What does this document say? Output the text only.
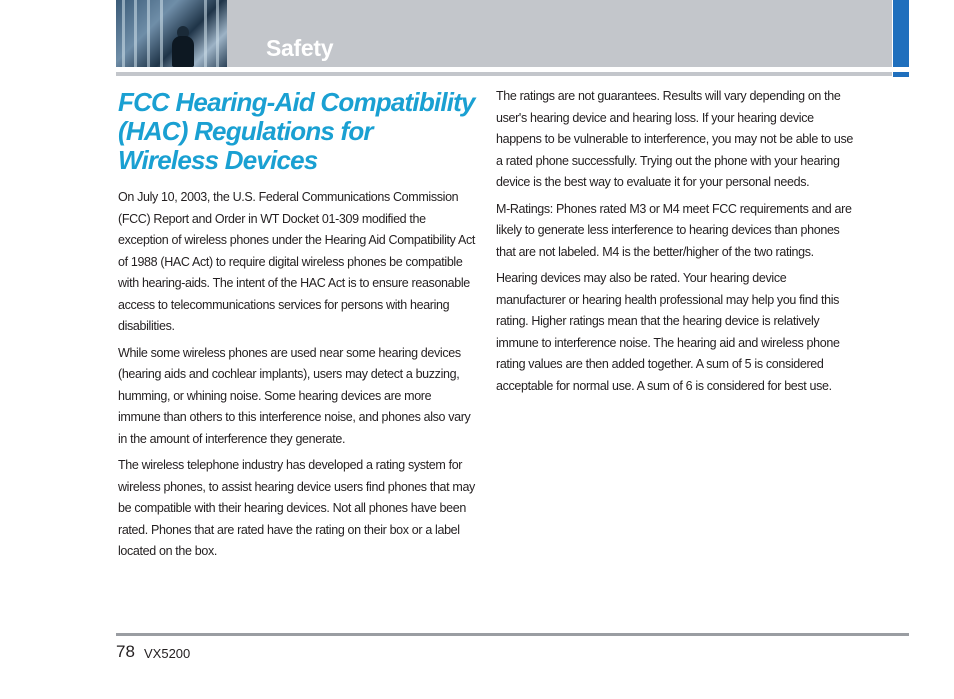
Safety
FCC Hearing-Aid Compatibility (HAC) Regulations for Wireless Devices

On July 10, 2003, the U.S. Federal Communications Commission (FCC) Report and Order in WT Docket 01-309 modified the exception of wireless phones under the Hearing Aid Compatibility Act of 1988 (HAC Act) to require digital wireless phones be compatible with hearing-aids. The intent of the HAC Act is to ensure reasonable access to telecommunications services for persons with hearing disabilities.

While some wireless phones are used near some hearing devices (hearing aids and cochlear implants), users may detect a buzzing, humming, or whining noise. Some hearing devices are more immune than others to this interference noise, and phones also vary in the amount of interference they generate.

The wireless telephone industry has developed a rating system for wireless phones, to assist hearing device users find phones that may be compatible with their hearing devices. Not all phones have been rated. Phones that are rated have the rating on their box or a label located on the box.

The ratings are not guarantees. Results will vary depending on the user's hearing device and hearing loss. If your hearing device happens to be vulnerable to interference, you may not be able to use a rated phone successfully. Trying out the phone with your hearing device is the best way to evaluate it for your personal needs.

M-Ratings: Phones rated M3 or M4 meet FCC requirements and are likely to generate less interference to hearing devices than phones that are not labeled. M4 is the better/higher of the two ratings.

Hearing devices may also be rated. Your hearing device manufacturer or hearing health professional may help you find this rating. Higher ratings mean that the hearing device is relatively immune to interference noise. The hearing aid and wireless phone rating values are then added together. A sum of 5 is considered acceptable for normal use. A sum of 6 is considered for best use.

78 VX5200
